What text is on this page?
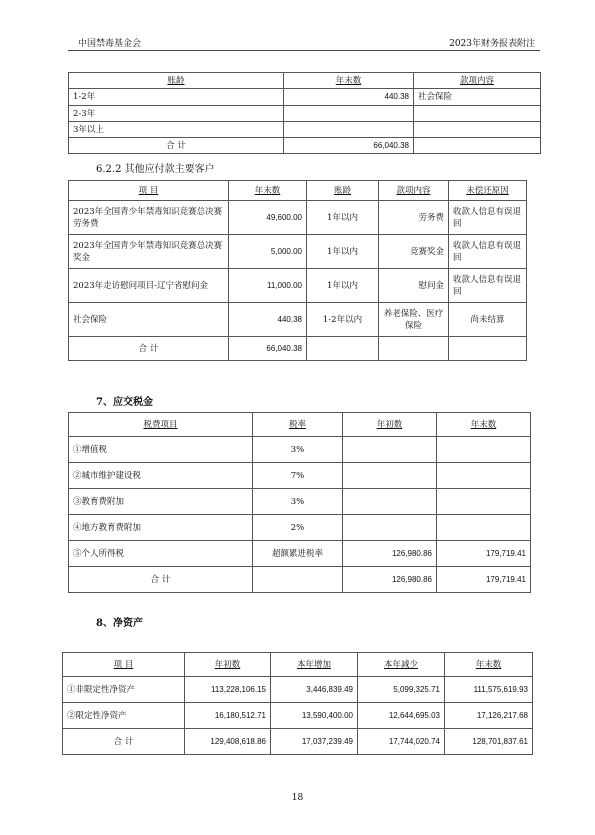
中国禁毒基金会	2023年财务报表附注
账龄	年末数	款项内容
1-2年	440.38	社会保险
2-3年		
3年以上		
合 计	66,040.38	
6.2.2 其他应付款主要客户
项 目	年末数	账龄	款项内容	未偿还原因
2023年全国青少年禁毒知识竞赛总决赛劳务费	49,600.00	1年以内	劳务费	收款人信息有误退回
2023年全国青少年禁毒知识竞赛总决赛奖金	5,000.00	1年以内	竞赛奖金	收款人信息有误退回
2023年走访慰问项目-辽宁省慰问金	11,000.00	1年以内	慰问金	收款人信息有误退回
社会保险	440.38	1-2年以内	养老保险、医疗保险	尚未结算
合 计	66,040.38			
7、应交税金
税费项目	税率	年初数	年末数
①增值税	3%		
②城市维护建设税	7%		
③教育费附加	3%		
④地方教育费附加	2%		
⑤个人所得税	超额累进税率	126,980.86	179,719.41
合 计		126,980.86	179,719.41
8、净资产
项 目	年初数	本年增加	本年减少	年末数
①非限定性净资产	113,228,106.15	3,446,839.49	5,099,325.71	111,575,619.93
②限定性净资产	16,180,512.71	13,590,400.00	12,644,695.03	17,126,217.68
合 计	129,408,618.86	17,037,239.49	17,744,020.74	128,701,837.61
18
